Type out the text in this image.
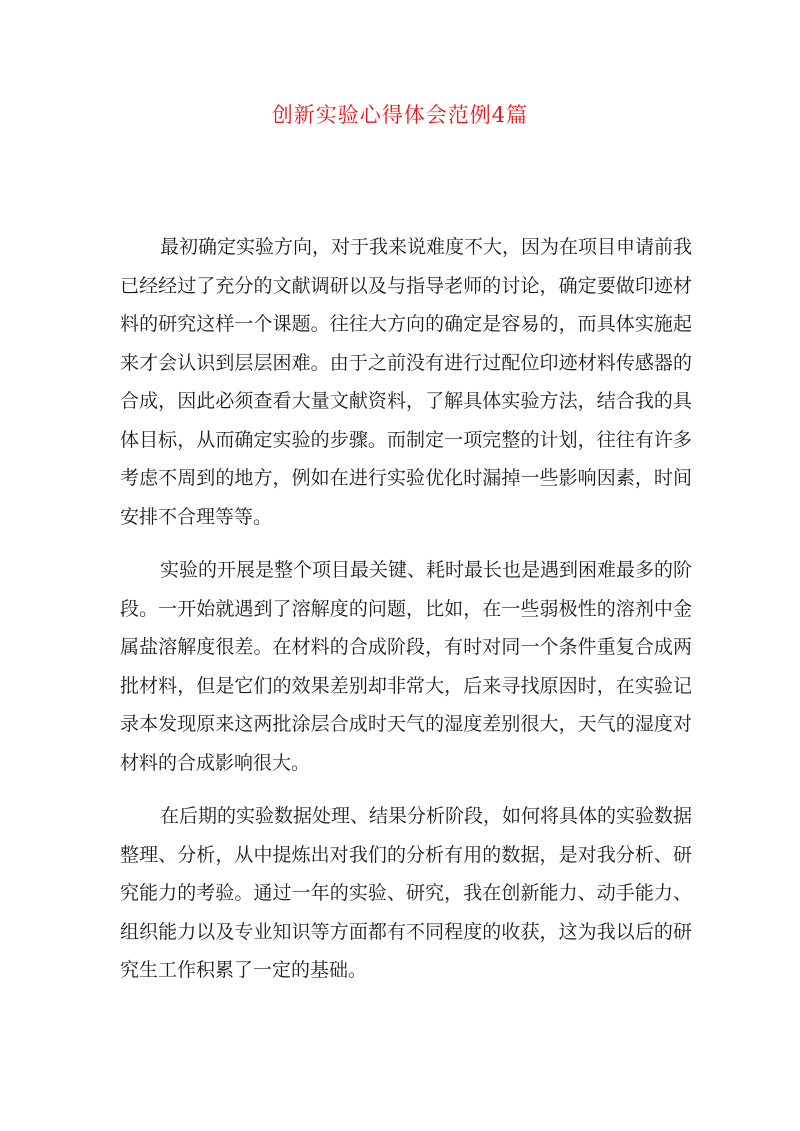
创新实验心得体会范例4篇

最初确定实验方向，对于我来说难度不大，因为在项目申请前我已经经过了充分的文献调研以及与指导老师的讨论，确定要做印迹材料的研究这样一个课题。往往大方向的确定是容易的，而具体实施起来才会认识到层层困难。由于之前没有进行过配位印迹材料传感器的合成，因此必须查看大量文献资料，了解具体实验方法，结合我的具体目标，从而确定实验的步骤。而制定一项完整的计划，往往有许多考虑不周到的地方，例如在进行实验优化时漏掉一些影响因素，时间安排不合理等等。

实验的开展是整个项目最关键、耗时最长也是遇到困难最多的阶段。一开始就遇到了溶解度的问题，比如，在一些弱极性的溶剂中金属盐溶解度很差。在材料的合成阶段，有时对同一个条件重复合成两批材料，但是它们的效果差别却非常大，后来寻找原因时，在实验记录本发现原来这两批涂层合成时天气的湿度差别很大，天气的湿度对材料的合成影响很大。

在后期的实验数据处理、结果分析阶段，如何将具体的实验数据整理、分析，从中提炼出对我们的分析有用的数据，是对我分析、研究能力的考验。通过一年的实验、研究，我在创新能力、动手能力、组织能力以及专业知识等方面都有不同程度的收获，这为我以后的研究生工作积累了一定的基础。
